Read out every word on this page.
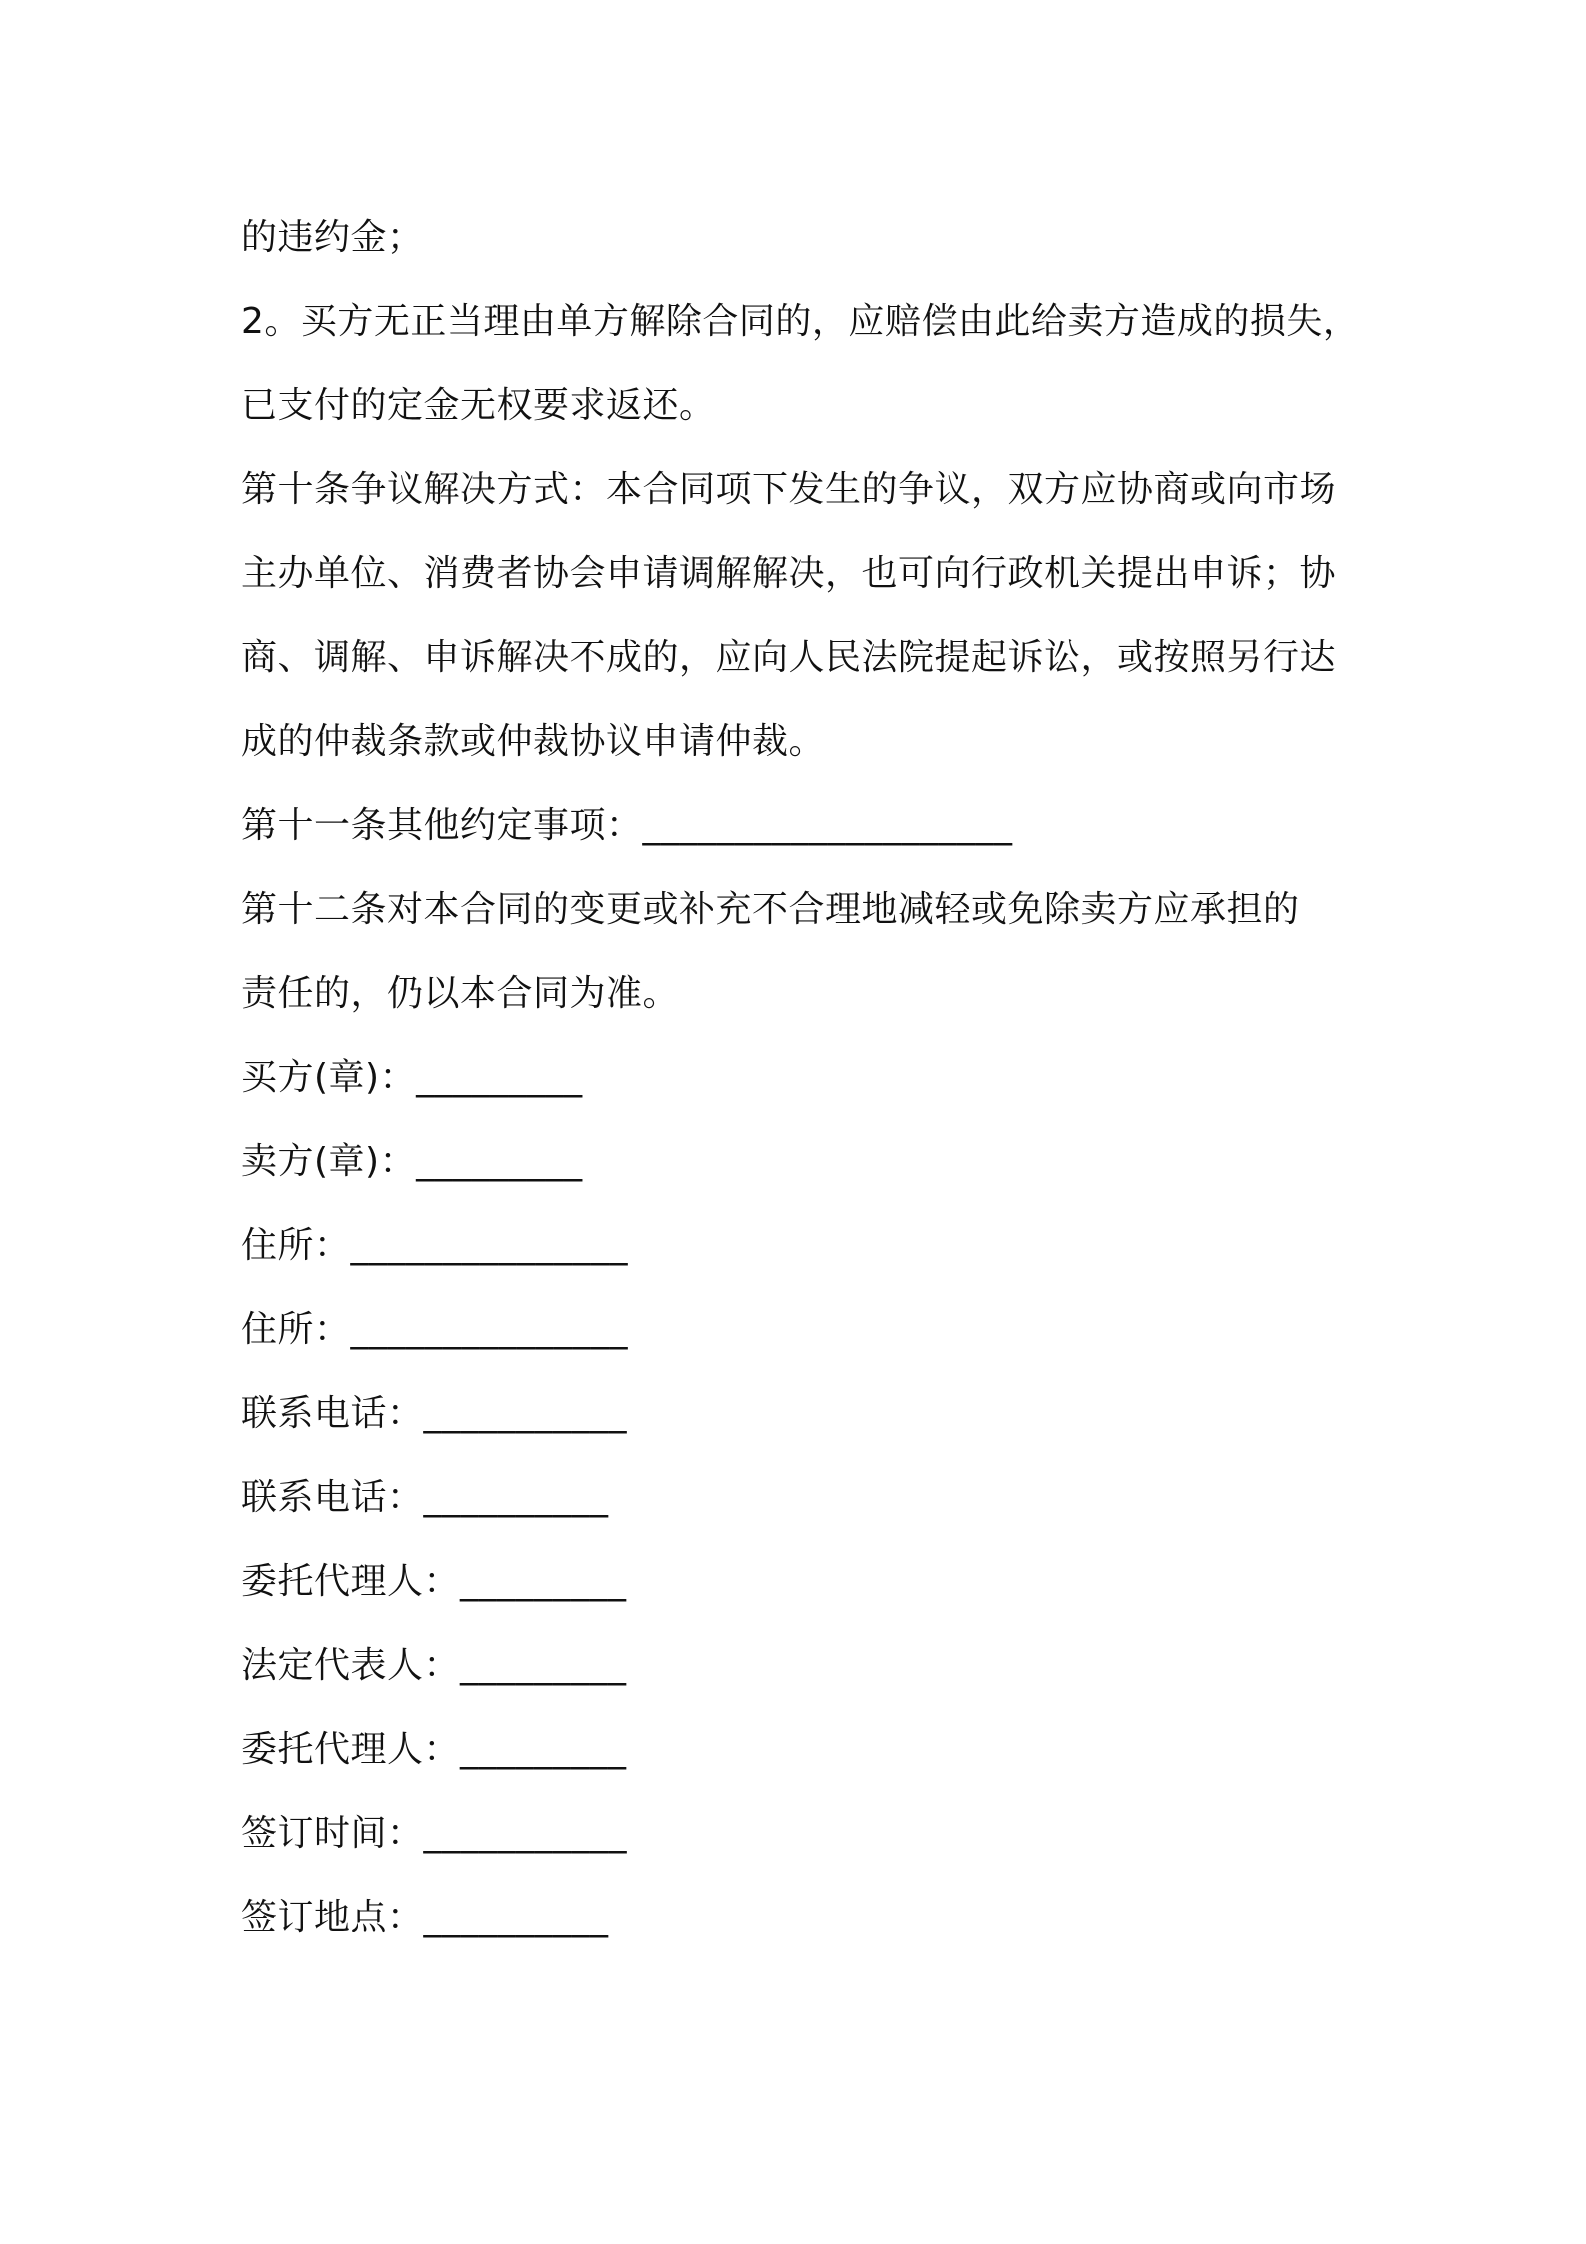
的违约金；
2。买方无正当理由单方解除合同的，应赔偿由此给卖方造成的损失，
已支付的定金无权要求返还。
第十条争议解决方式：本合同项下发生的争议，双方应协商或向市场
主办单位、消费者协会申请调解解决，也可向行政机关提出申诉；协
商、调解、申诉解决不成的，应向人民法院提起诉讼，或按照另行达
成的仲裁条款或仲裁协议申请仲裁。
第十一条其他约定事项：____________________
第十二条对本合同的变更或补充不合理地减轻或免除卖方应承担的
责任的，仍以本合同为准。
买方(章)：_________
卖方(章)：_________
住所：_______________
住所：_______________
联系电话：___________
联系电话：__________
委托代理人：_________
法定代表人：_________
委托代理人：_________
签订时间：___________
签订地点：__________
